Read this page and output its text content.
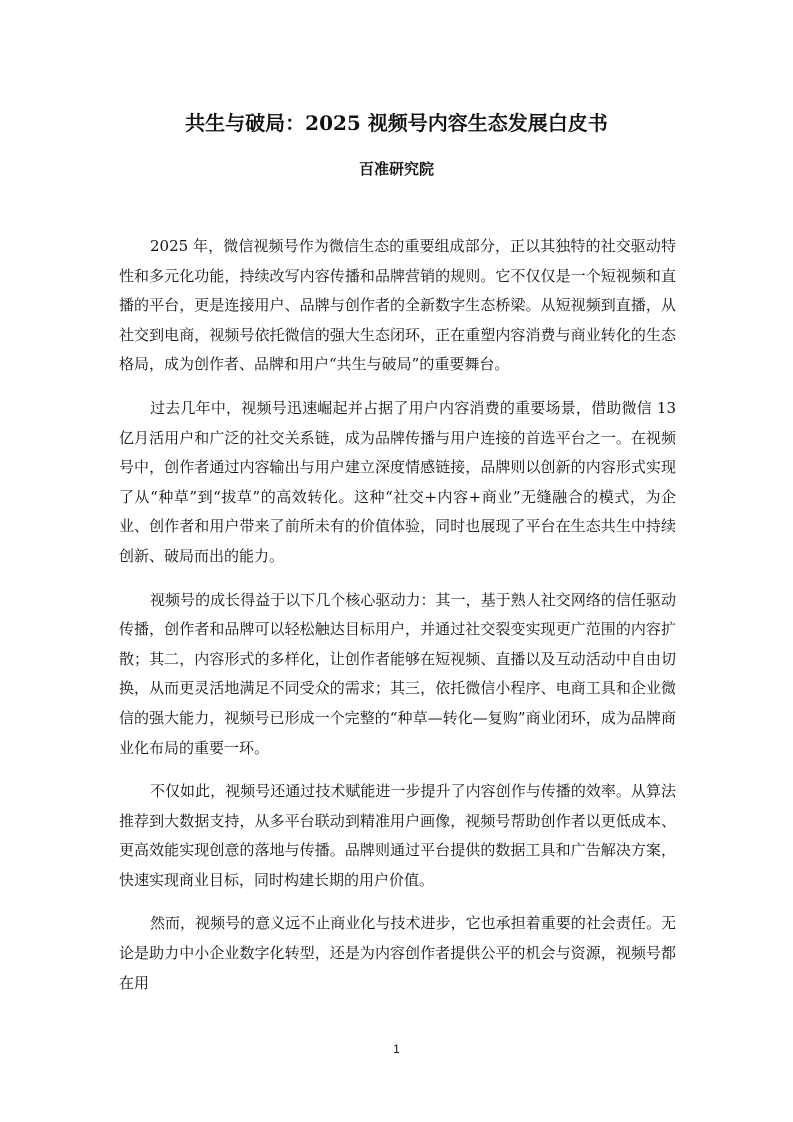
共生与破局：2025 视频号内容生态发展白皮书
百准研究院

2025 年，微信视频号作为微信生态的重要组成部分，正以其独特的社交驱动特性和多元化功能，持续改写内容传播和品牌营销的规则。它不仅仅是一个短视频和直播的平台，更是连接用户、品牌与创作者的全新数字生态桥梁。从短视频到直播，从社交到电商，视频号依托微信的强大生态闭环，正在重塑内容消费与商业转化的生态格局，成为创作者、品牌和用户“共生与破局”的重要舞台。

过去几年中，视频号迅速崛起并占据了用户内容消费的重要场景，借助微信 13 亿月活用户和广泛的社交关系链，成为品牌传播与用户连接的首选平台之一。在视频号中，创作者通过内容输出与用户建立深度情感链接，品牌则以创新的内容形式实现了从“种草”到“拔草”的高效转化。这种“社交+内容+商业”无缝融合的模式，为企业、创作者和用户带来了前所未有的价值体验，同时也展现了平台在生态共生中持续创新、破局而出的能力。

视频号的成长得益于以下几个核心驱动力：其一，基于熟人社交网络的信任驱动传播，创作者和品牌可以轻松触达目标用户，并通过社交裂变实现更广范围的内容扩散；其二，内容形式的多样化，让创作者能够在短视频、直播以及互动活动中自由切换，从而更灵活地满足不同受众的需求；其三，依托微信小程序、电商工具和企业微信的强大能力，视频号已形成一个完整的“种草—转化—复购”商业闭环，成为品牌商业化布局的重要一环。

不仅如此，视频号还通过技术赋能进一步提升了内容创作与传播的效率。从算法推荐到大数据支持，从多平台联动到精准用户画像，视频号帮助创作者以更低成本、更高效能实现创意的落地与传播。品牌则通过平台提供的数据工具和广告解决方案，快速实现商业目标，同时构建长期的用户价值。

然而，视频号的意义远不止商业化与技术进步，它也承担着重要的社会责任。无论是助力中小企业数字化转型，还是为内容创作者提供公平的机会与资源，视频号都在用

1
